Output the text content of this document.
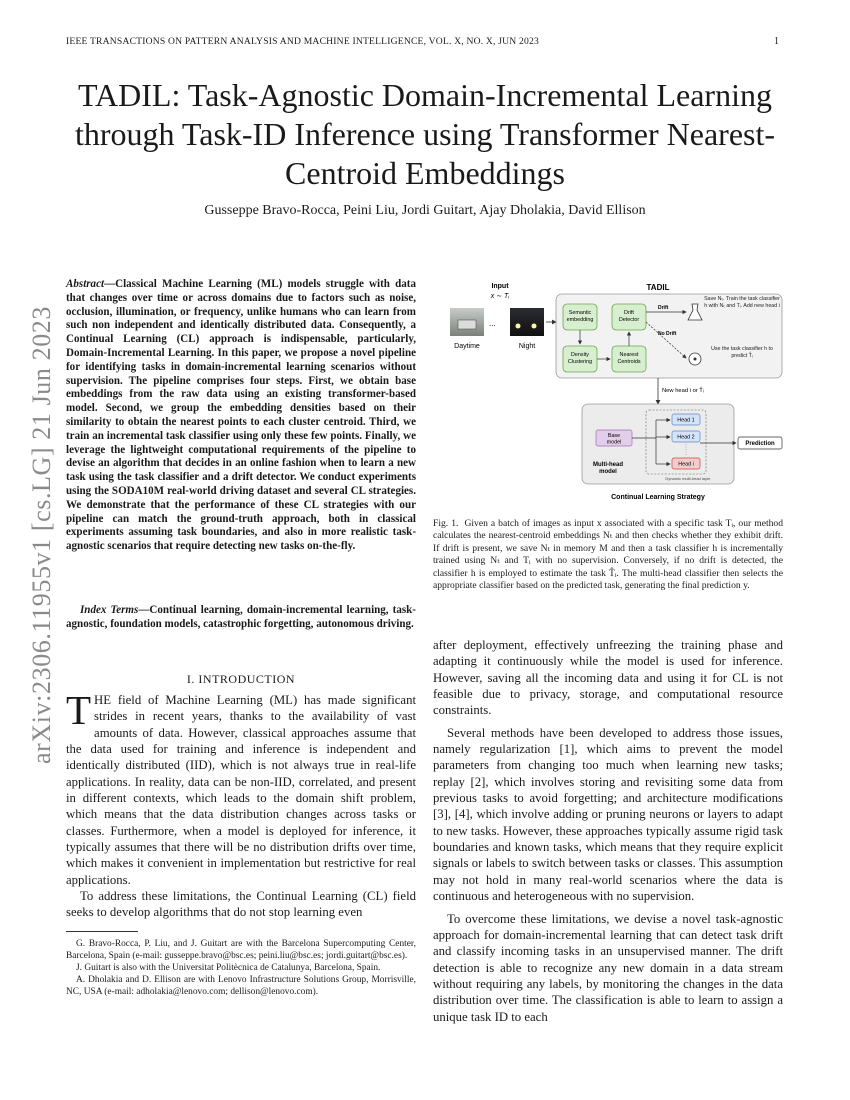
IEEE TRANSACTIONS ON PATTERN ANALYSIS AND MACHINE INTELLIGENCE, VOL. X, NO. X, JUN 2023	1
arXiv:2306.11955v1 [cs.LG] 21 Jun 2023
TADIL: Task-Agnostic Domain-Incremental Learning through Task-ID Inference using Transformer Nearest-Centroid Embeddings
Gusseppe Bravo-Rocca, Peini Liu, Jordi Guitart, Ajay Dholakia, David Ellison
Abstract—Classical Machine Learning (ML) models struggle with data that changes over time or across domains due to factors such as noise, occlusion, illumination, or frequency, unlike humans who can learn from such non independent and identically distributed data. Consequently, a Continual Learning (CL) approach is indispensable, particularly, Domain-Incremental Learning. In this paper, we propose a novel pipeline for identifying tasks in domain-incremental learning scenarios without supervision. The pipeline comprises four steps. First, we obtain base embeddings from the raw data using an existing transformer-based model. Second, we group the embedding densities based on their similarity to obtain the nearest points to each cluster centroid. Third, we train an incremental task classifier using only these few points. Finally, we leverage the lightweight computational requirements of the pipeline to devise an algorithm that decides in an online fashion when to learn a new task using the task classifier and a drift detector. We conduct experiments using the SODA10M real-world driving dataset and several CL strategies. We demonstrate that the performance of these CL strategies with our pipeline can match the ground-truth approach, both in classical experiments assuming task boundaries, and also in more realistic task-agnostic scenarios that require detecting new tasks on-the-fly.
Index Terms—Continual learning, domain-incremental learning, task-agnostic, foundation models, catastrophic forgetting, autonomous driving.
I. INTRODUCTION

THE field of Machine Learning (ML) has made significant strides in recent years, thanks to the availability of vast amounts of data. However, classical approaches assume that the data used for training and inference is independent and identically distributed (IID), which is not always true in real-life applications. In reality, data can be non-IID, correlated, and present in different contexts, which leads to the domain shift problem, which means that the data distribution changes across tasks or classes. Furthermore, when a model is deployed for inference, it typically assumes that there will be no distribution drifts over time, which makes it convenient in implementation but restrictive for real applications.

To address these limitations, the Continual Learning (CL) field seeks to develop algorithms that do not stop learning even

G. Bravo-Rocca, P. Liu, and J. Guitart are with the Barcelona Supercomputing Center, Barcelona, Spain (e-mail: gusseppe.bravo@bsc.es; peini.liu@bsc.es; jordi.guitart@bsc.es).

J. Guitart is also with the Universitat Politècnica de Catalunya, Barcelona, Spain.

A. Dholakia and D. Ellison are with Lenovo Infrastructure Solutions Group, Morrisville, NC, USA (e-mail: adholakia@lenovo.com; dellison@lenovo.com).

Input
x ∼ Tᵢ
...
Daytime	Night
TADIL
Semantic embedding
Drift Detector
Density Clustering
Nearest Centroids
Drift
No Drift
Save Nₜ. Train the task classifier h with Nₜ and Tᵢ. Add new head i
Use the task classifier h to predict T̂ᵢ
New head i or T̂ᵢ
Base model
Multi-head model
Head 1
Head 2
Head i
Dynamic multi-head layer
Prediction
Continual Learning Strategy
Fig. 1. Given a batch of images as input x associated with a specific task Tᵢ, our method calculates the nearest-centroid embeddings Nₜ and then checks whether they exhibit drift. If drift is present, we save Nₜ in memory M and then a task classifier h is incrementally trained using Nₜ and Tᵢ with no supervision. Conversely, if no drift is detected, the classifier h is employed to estimate the task T̂ᵢ. The multi-head classifier then selects the appropriate classifier based on the predicted task, generating the final prediction y.

after deployment, effectively unfreezing the training phase and adapting it continuously while the model is used for inference. However, saving all the incoming data and using it for CL is not feasible due to privacy, storage, and computational resource constraints.

Several methods have been developed to address those issues, namely regularization [1], which aims to prevent the model parameters from changing too much when learning new tasks; replay [2], which involves storing and revisiting some data from previous tasks to avoid forgetting; and architecture modifications [3], [4], which involve adding or pruning neurons or layers to adapt to new tasks. However, these approaches typically assume rigid task boundaries and known tasks, which means that they require explicit signals or labels to switch between tasks or classes. This assumption may not hold in many real-world scenarios where the data is continuous and heterogeneous with no supervision.

To overcome these limitations, we devise a novel task-agnostic approach for domain-incremental learning that can detect task drift and classify incoming tasks in an unsupervised manner. The drift detection is able to recognize any new domain in a data stream without requiring any labels, by monitoring the changes in the data distribution over time. The classification is able to learn to assign a unique task ID to each
